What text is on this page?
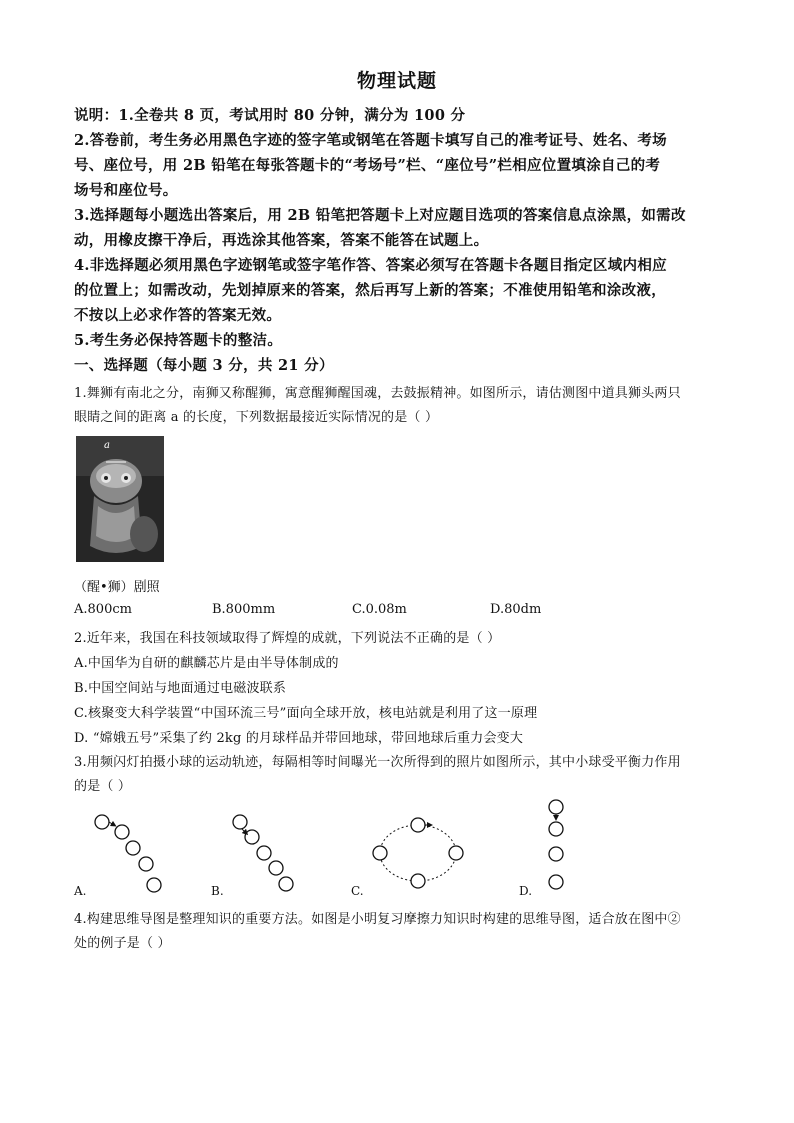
物理试题
说明：1.全卷共 8 页，考试用时 80 分钟，满分为 100 分
2.答卷前，考生务必用黑色字迹的签字笔或钢笔在答题卡填写自己的准考证号、姓名、考场
号、座位号，用 2B 铅笔在每张答题卡的“考场号”栏、“座位号”栏相应位置填涂自己的考
场号和座位号。
3.选择题每小题选出答案后，用 2B 铅笔把答题卡上对应题目选项的答案信息点涂黑，如需改
动，用橡皮擦干净后，再选涂其他答案，答案不能答在试题上。
4.非选择题必须用黑色字迹钢笔或签字笔作答、答案必须写在答题卡各题目指定区域内相应
的位置上；如需改动，先划掉原来的答案，然后再写上新的答案；不准使用铅笔和涂改液，
不按以上必求作答的答案无效。
5.考生务必保持答题卡的整洁。
一、选择题（每小题 3 分，共 21 分）
1.舞狮有南北之分，南狮又称醒狮，寓意醒狮醒国魂，去鼓振精神。如图所示，请估测图中道具狮头两只
眼睛之间的距离 a 的长度，下列数据最接近实际情况的是（ ）
a
（醒•狮）剧照
A.800cm	B.800mm	C.0.08m	D.80dm
2.近年来，我国在科技领域取得了辉煌的成就，下列说法不正确的是（ ）
A.中国华为自研的麒麟芯片是由半导体制成的
B.中国空间站与地面通过电磁波联系
C.核聚变大科学装置“中国环流三号”面向全球开放，核电站就是利用了这一原理
D. “嫦娥五号”采集了约 2kg 的月球样品并带回地球，带回地球后重力会变大
3.用频闪灯拍摄小球的运动轨迹，每隔相等时间曝光一次所得到的照片如图所示，其中小球受平衡力作用
的是（ ）
A.	B.	C.	D.
4.构建思维导图是整理知识的重要方法。如图是小明复习摩擦力知识时构建的思维导图，适合放在图中②
处的例子是（ ）
